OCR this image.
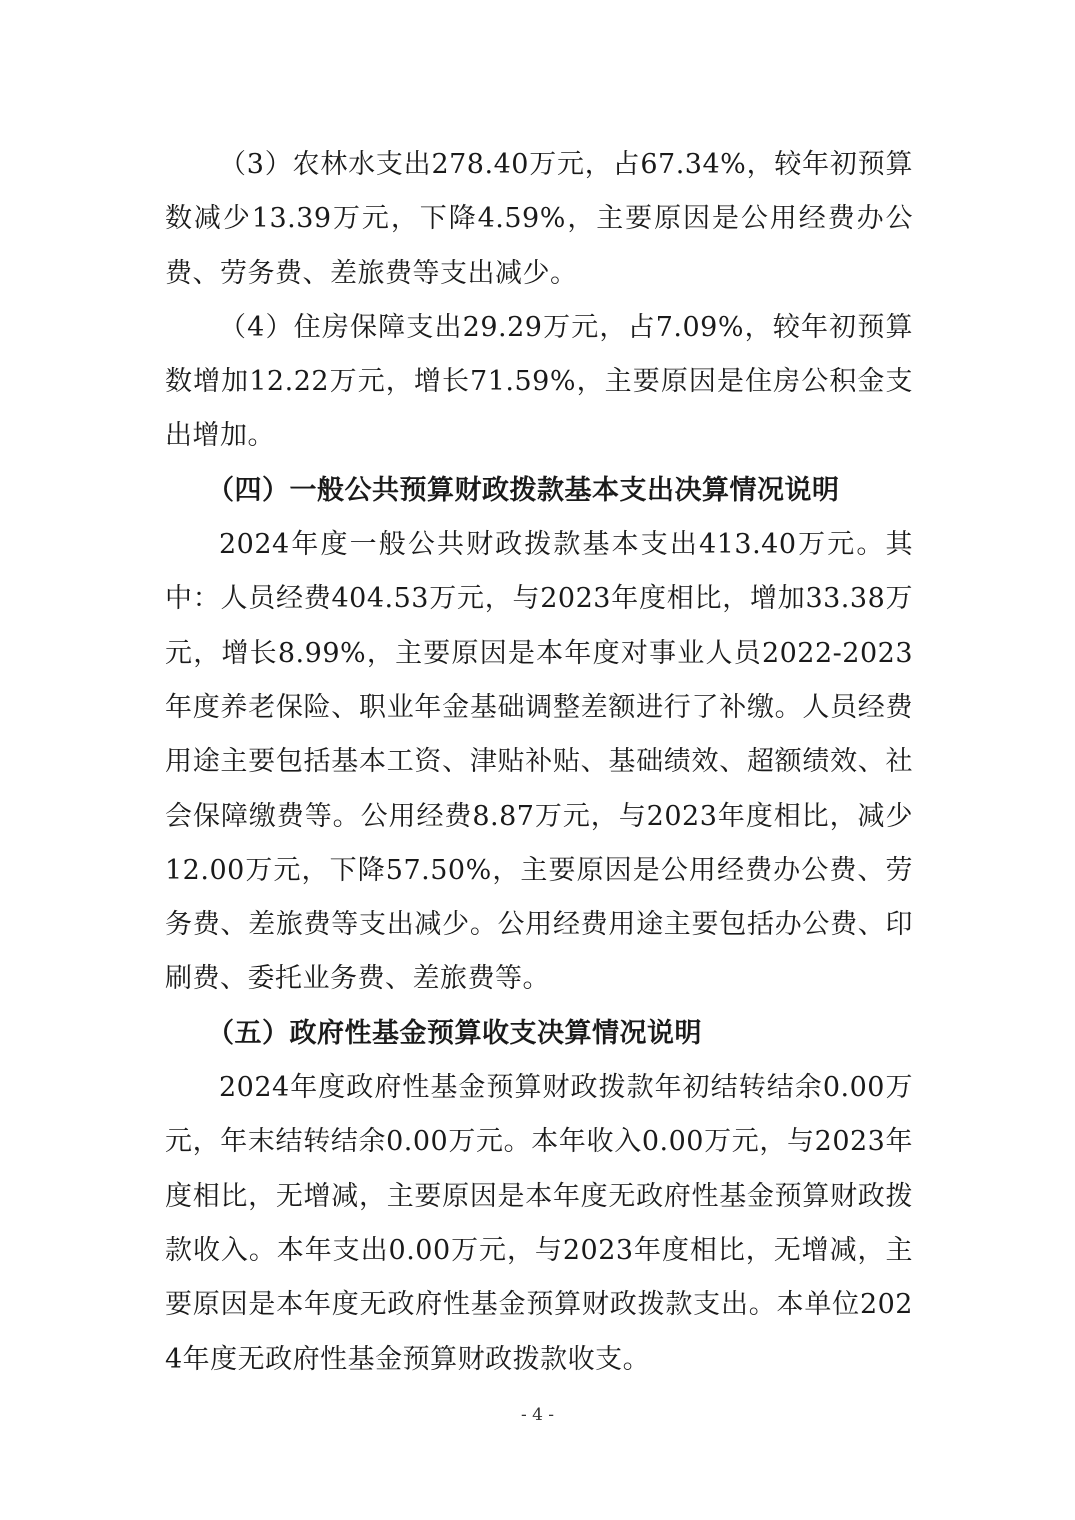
（3）农林水支出278.40万元，占67.34%，较年初预算数减少13.39万元，下降4.59%，主要原因是公用经费办公费、劳务费、差旅费等支出减少。

（4）住房保障支出29.29万元，占7.09%，较年初预算数增加12.22万元，增长71.59%，主要原因是住房公积金支出增加。

（四）一般公共预算财政拨款基本支出决算情况说明

2024年度一般公共财政拨款基本支出413.40万元。其中：人员经费404.53万元，与2023年度相比，增加33.38万元，增长8.99%，主要原因是本年度对事业人员2022-2023年度养老保险、职业年金基础调整差额进行了补缴。人员经费用途主要包括基本工资、津贴补贴、基础绩效、超额绩效、社会保障缴费等。公用经费8.87万元，与2023年度相比，减少12.00万元，下降57.50%，主要原因是公用经费办公费、劳务费、差旅费等支出减少。公用经费用途主要包括办公费、印刷费、委托业务费、差旅费等。

（五）政府性基金预算收支决算情况说明

2024年度政府性基金预算财政拨款年初结转结余0.00万元，年末结转结余0.00万元。本年收入0.00万元，与2023年度相比，无增减，主要原因是本年度无政府性基金预算财政拨款收入。本年支出0.00万元，与2023年度相比，无增减，主要原因是本年度无政府性基金预算财政拨款支出。本单位2024年度无政府性基金预算财政拨款收支。

- 4 -
